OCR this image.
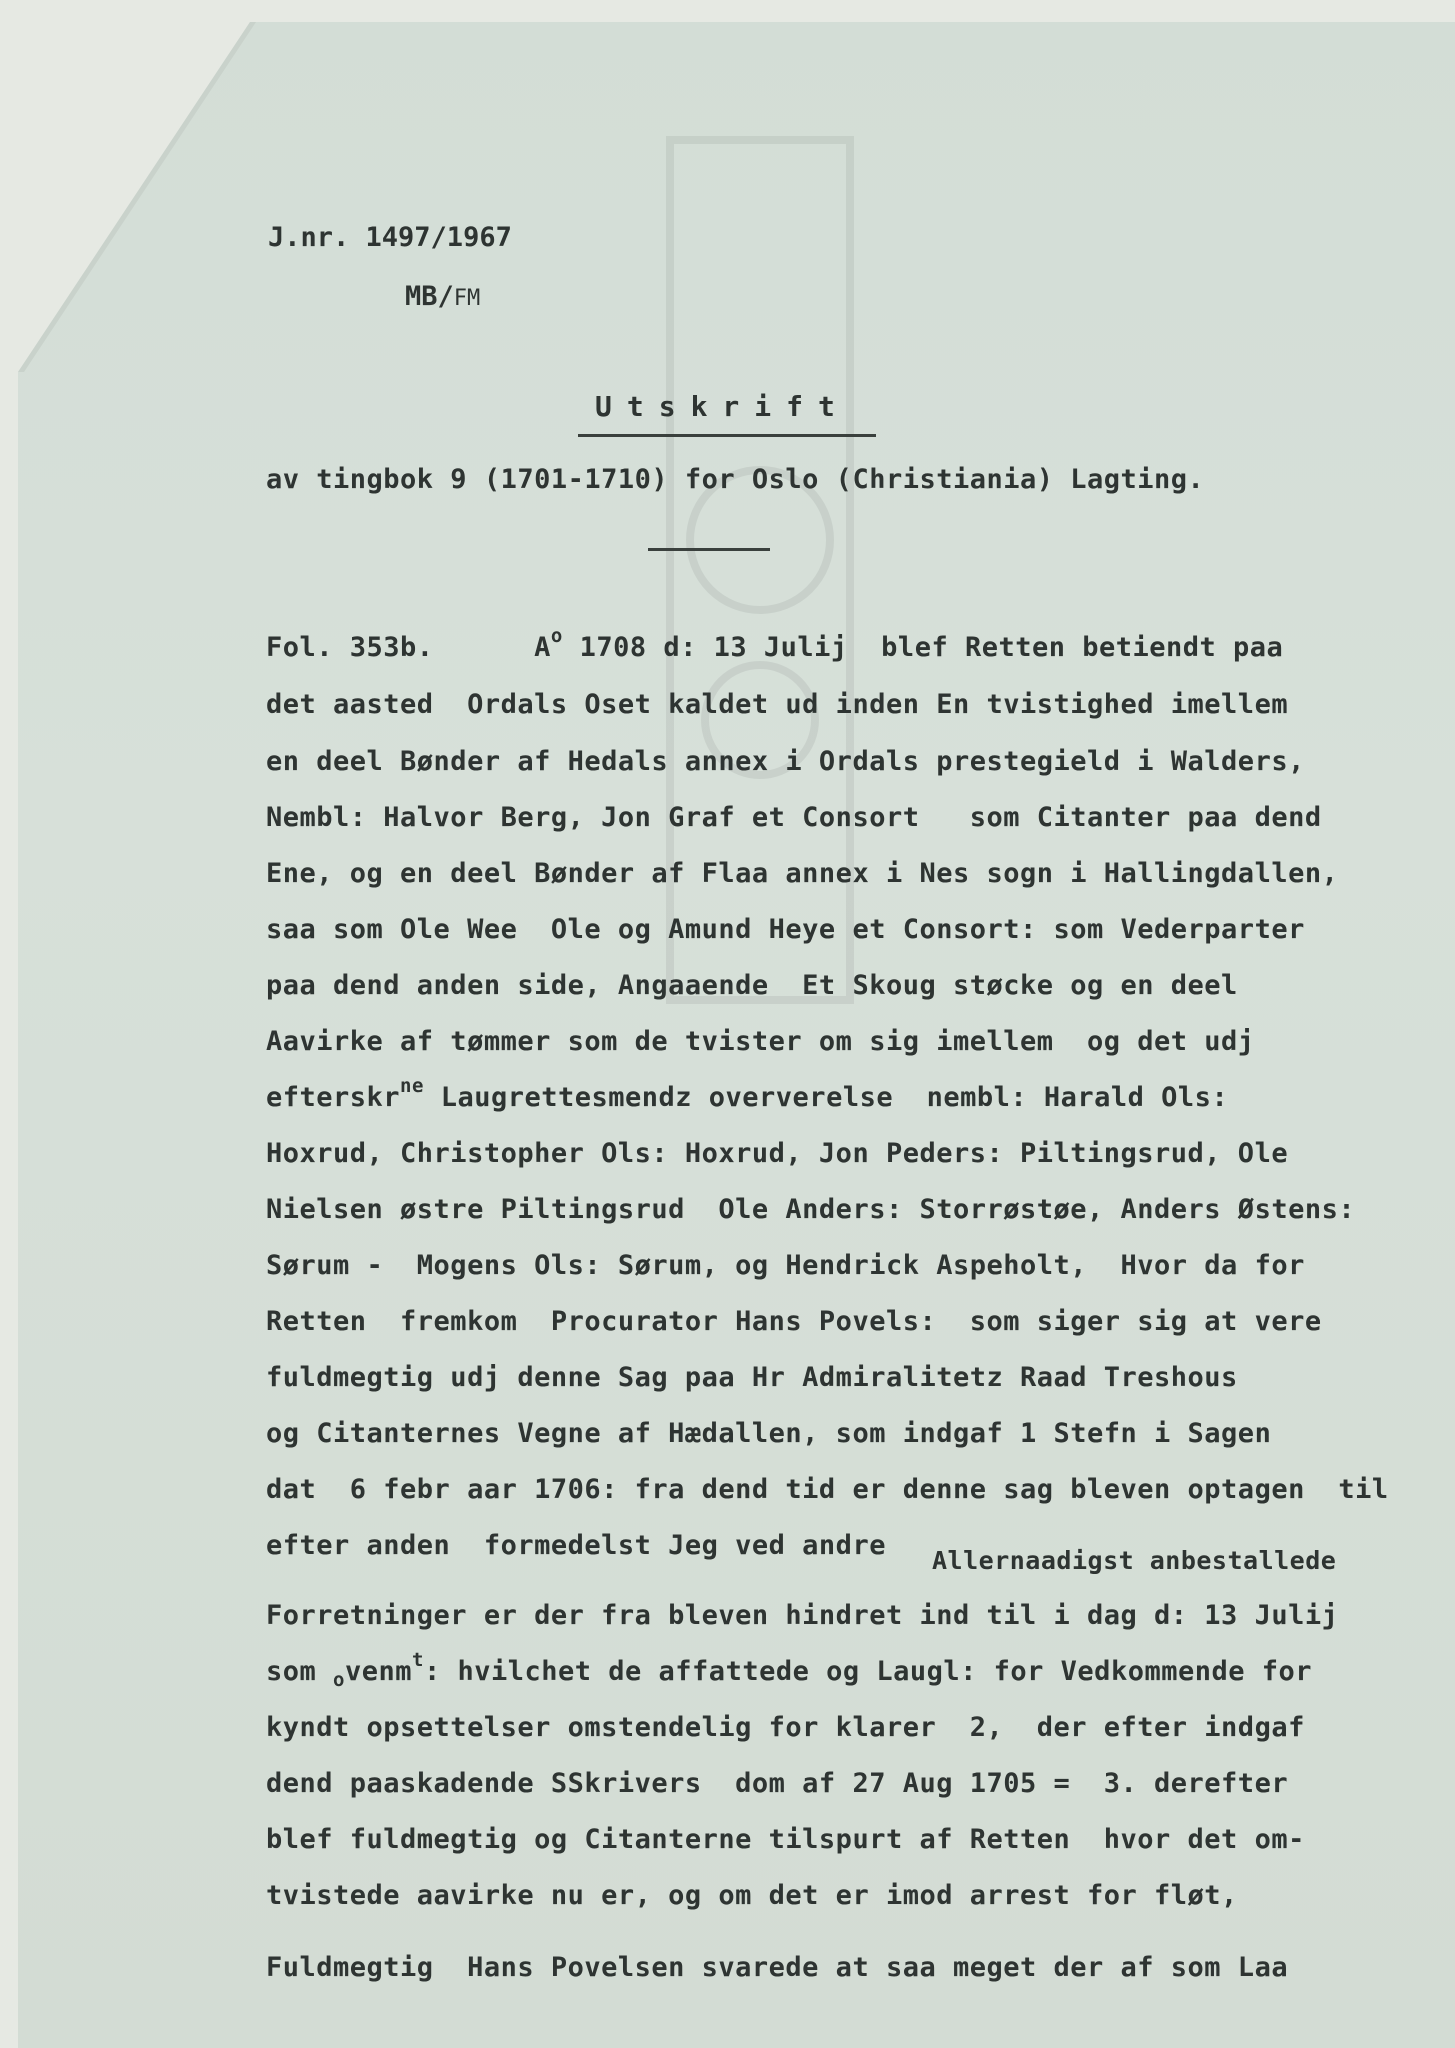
J.nr. 1497/1967
MB/FM
Utskrift
av tingbok 9 (1701-1710) for Oslo (Christiania) Lagting.
Fol. 353b.	$A^o$ 1708 d: 13 Julij  blef Retten betiendt paa
det aasted  Ordals Oset kaldet ud inden En tvistighed imellem
en deel Bønder af Hedals annex i Ordals prestegield i Walders,
Nembl: Halvor Berg, Jon Graf et Consort   som Citanter paa dend
Ene, og en deel Bønder af Flaa annex i Nes sogn i Hallingdallen,
saa som Ole Wee  Ole og Amund Heye et Consort: som Vederparter
paa dend anden side, Angaaende  Et Skoug støcke og en deel
Aavirke af tømmer som de tvister om sig imellem  og det udj
efterskr$^{ne}$ Laugrettesmendz oververelse  nembl: Harald Ols:
Hoxrud, Christopher Ols: Hoxrud, Jon Peders: Piltingsrud, Ole
Nielsen østre Piltingsrud  Ole Anders: Storrøstøe, Anders Østens:
Sørum -  Mogens Ols: Sørum, og Hendrick Aspeholt,  Hvor da for
Retten  fremkom  Procurator Hans Povels:  som siger sig at vere
fuldmegtig udj denne Sag paa Hr Admiralitetz Raad Treshous
og Citanternes Vegne af Hædallen, som indgaf 1 Stefn i Sagen
dat  6 febr aar 1706: fra dend tid er denne sag bleven optagen  til
efter anden  formedelst Jeg ved andre Allernaadigst anbestallede
Forretninger er der fra bleven hindret ind til i dag d: 13 Julij
som $_o$venm$^t$: hvilchet de affattede og Laugl: for Vedkommende for
kyndt opsettelser omstendelig for klarer  2,  der efter indgaf
dend paaskadende SSkrivers  dom af 27 Aug 1705 =  3. derefter
blef fuldmegtig og Citanterne tilspurt af Retten  hvor det om-
tvistede aavirke nu er, og om det er imod arrest for fløt,
Fuldmegtig  Hans Povelsen svarede at saa meget der af som Laa
